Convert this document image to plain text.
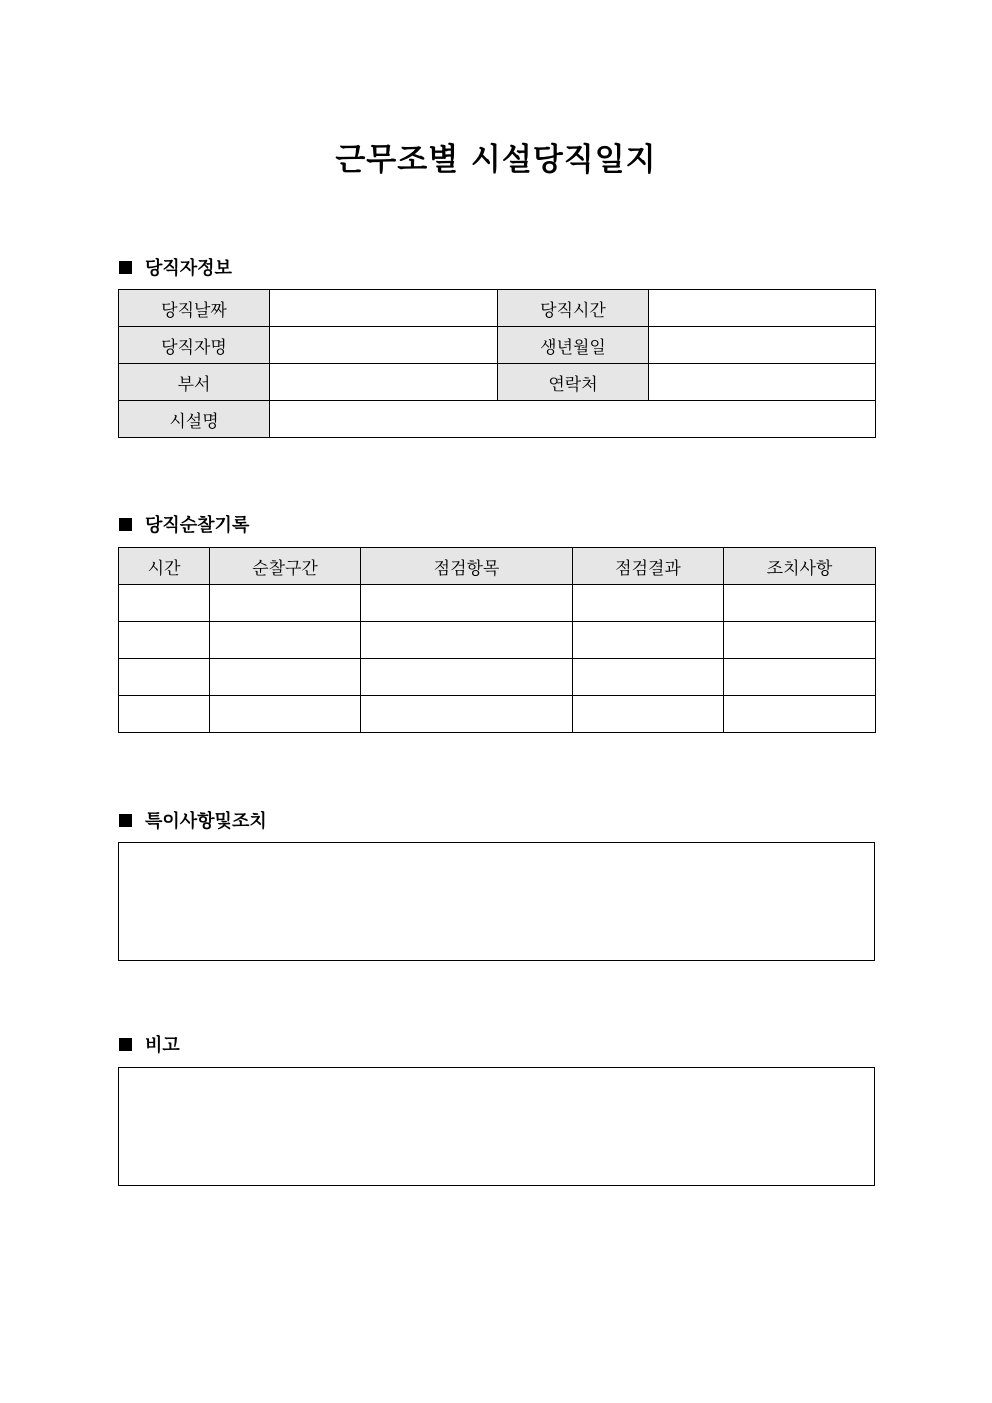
근무조별 시설당직일지
당직자정보
당직날짜		당직시간	
당직자명		생년월일	
부서		연락처	
시설명			
당직순찰기록
시간	순찰구간	점검항목	점검결과	조치사항

특이사항및조치
비고
